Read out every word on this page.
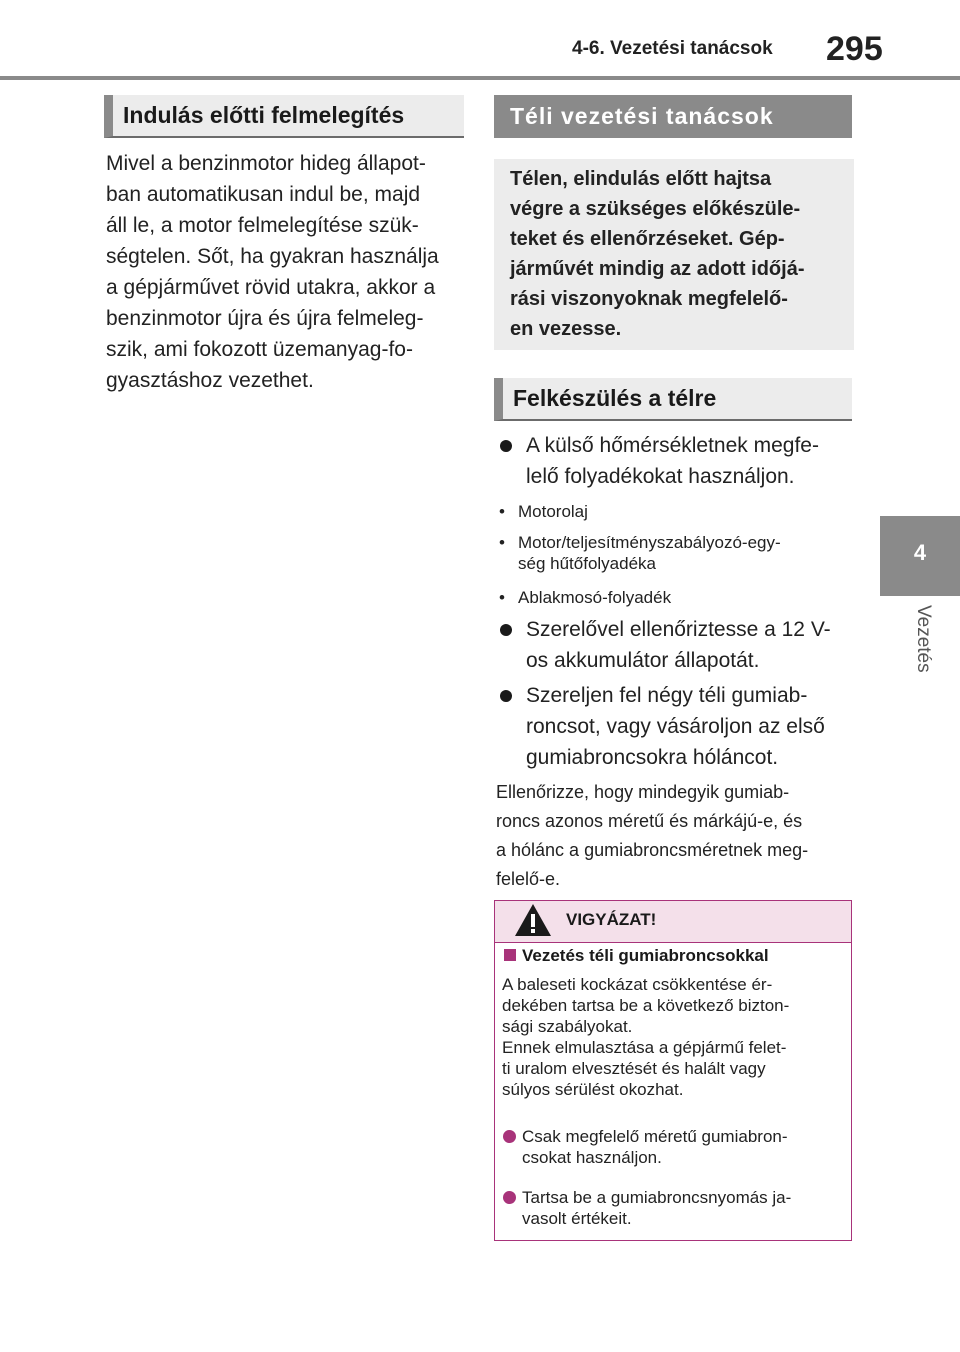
4-6. Vezetési tanácsok 295
4
Vezetés
Indulás előtti felmelegítés
Mivel a benzinmotor hideg állapot-
ban automatikusan indul be, majd
áll le, a motor felmelegítése szük-
ségtelen. Sőt, ha gyakran használja
a gépjárművet rövid utakra, akkor a
benzinmotor újra és újra felmeleg-
szik, ami fokozott üzemanyag-fo-
gyasztáshoz vezethet.
Téli vezetési tanácsok
Télen, elindulás előtt hajtsa
végre a szükséges előkészüle-
teket és ellenőrzéseket. Gép-
járművét mindig az adott időjá-
rási viszonyoknak megfelelő-
en vezesse.
Felkészülés a télre
A külső hőmérsékletnek megfe-
lelő folyadékokat használjon.
• Motorolaj
• Motor/teljesítményszabályozó-egy-
ség hűtőfolyadéka
• Ablakmosó-folyadék
Szerelővel ellenőriztesse a 12 V-
os akkumulátor állapotát.
Szereljen fel négy téli gumiab-
roncsot, vagy vásároljon az első
gumiabroncsokra hóláncot.
Ellenőrizze, hogy mindegyik gumiab-
roncs azonos méretű és márkájú-e, és
a hólánc a gumiabroncsméretnek meg-
felelő-e.
VIGYÁZAT!
Vezetés téli gumiabroncsokkal
A baleseti kockázat csökkentése ér-
dekében tartsa be a következő bizton-
sági szabályokat.
Ennek elmulasztása a gépjármű felet-
ti uralom elvesztését és halált vagy
súlyos sérülést okozhat.
Csak megfelelő méretű gumiabron-
csokat használjon.
Tartsa be a gumiabroncsnyomás ja-
vasolt értékeit.
